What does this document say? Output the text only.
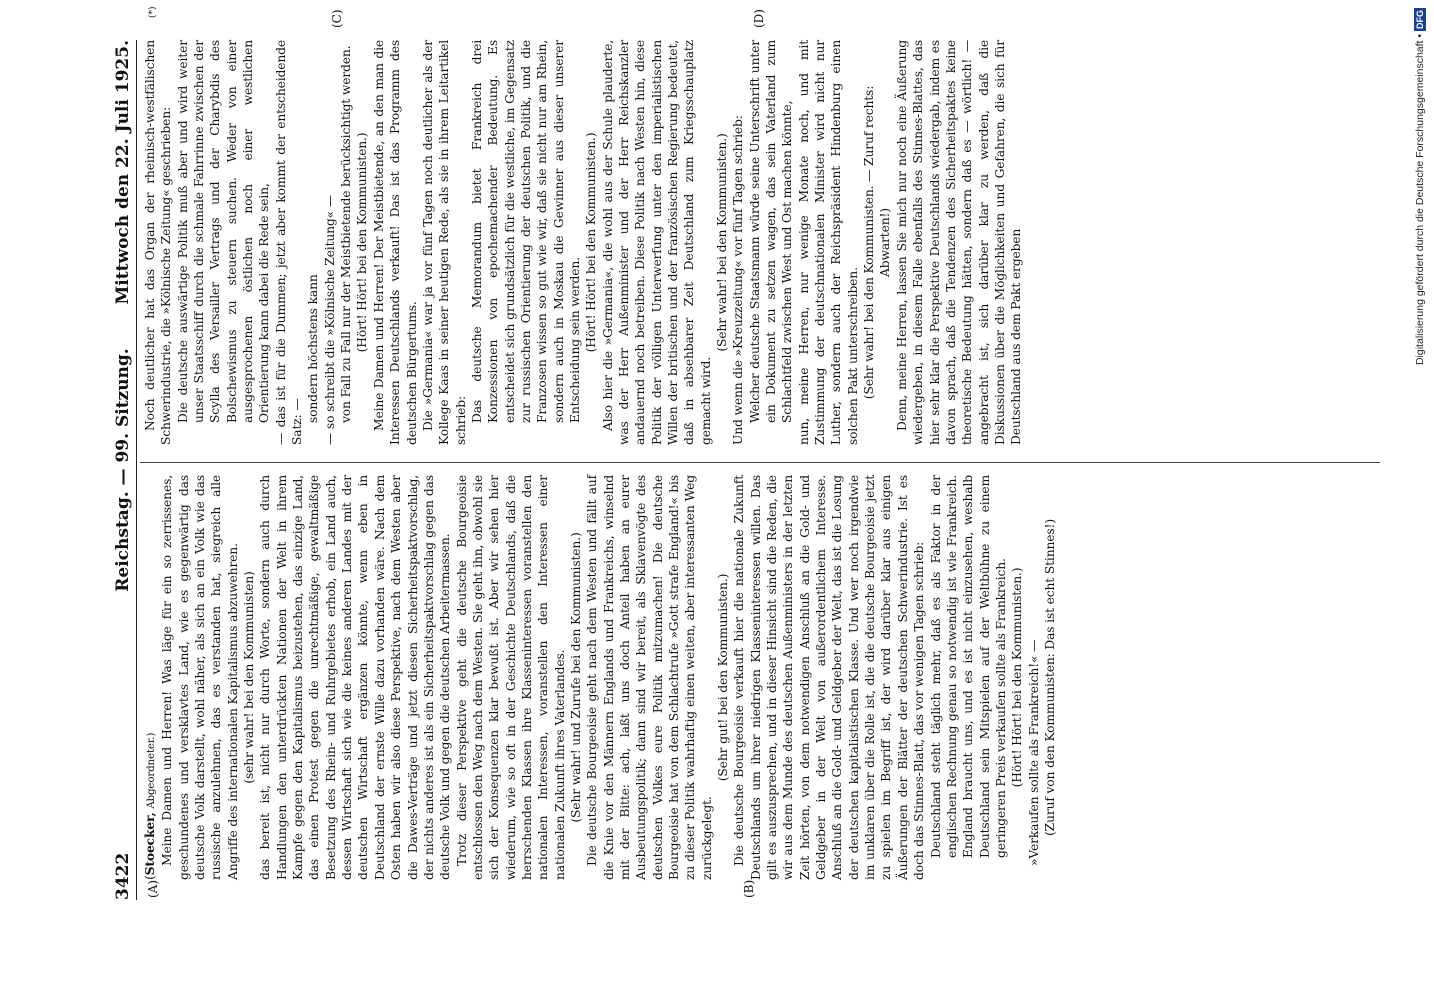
3422
Reichstag. — 99. Sitzung.
Mittwoch den 22. Juli 1925.
(A)	(B)
(C)	(D)
(*)

(Stoecker, Abgeordneter.) Meine Damen und Herren! Was läge für ein so zerrissenes, geschundenes und versklavtes Land, wie es gegenwärtig das deutsche Volk darstellt, wohl näher, als sich an ein Volk wie das russische anzulehnen, das es verstanden hat, siegreich alle Angriffe des internationalen Kapitalismus abzuwehren. (sehr wahr! bei den Kommunisten) das bereit ist, nicht nur durch Worte, sondern auch durch Handlungen den unterdrückten Nationen der Welt in ihrem Kampfe gegen den Kapitalismus beizustehen, das einzige Land, das einen Protest gegen die unrechtmäßige, gewaltmäßige Besetzung des Rhein- und Ruhrgebietes erhob, ein Land auch, dessen Wirtschaft sich wie die keines anderen Landes mit der deutschen Wirtschaft ergänzen könnte, wenn eben in Deutschland der ernste Wille dazu vorhanden wäre. Nach dem Osten haben wir also diese Perspektive, nach dem Westen aber die Dawes-Verträge und jetzt diesen Sicherheitspaktvorschlag, der nichts anderes ist als ein Sicherheitspaktvorschlag gegen das deutsche Volk und gegen die deutschen Arbeitermassen. Trotz dieser Perspektive geht die deutsche Bourgeoisie entschlossen den Weg nach dem Westen. Sie geht ihn, obwohl sie sich der Konsequenzen klar bewußt ist. Aber wir sehen hier wiederum, wie so oft in der Geschichte Deutschlands, daß die herrschenden Klassen ihre Klasseninteressen voranstellen den nationalen Interessen, voranstellen den Interessen einer nationalen Zukunft ihres Vaterlandes. (Sehr wahr! und Zurufe bei den Kommunisten.) Die deutsche Bourgeoisie geht nach dem Westen und fällt auf die Knie vor den Männern Englands und Frankreichs, winselnd mit der Bitte: ach, laßt uns doch Anteil haben an eurer Ausbeutungspolitik; dann sind wir bereit, als Sklavenvögte des deutschen Volkes eure Politik mitzumachen! Die deutsche Bourgeoisie hat von dem Schlachtrufe »Gott strafe England!« bis zu dieser Politik wahrhaftig einen weiten, aber interessanten Weg zurückgelegt.

(Sehr gut! bei den Kommunisten.) Die deutsche Bourgeoisie verkauft hier die nationale Zukunft Deutschlands um ihrer niedrigen Klasseninteressen willen. Das gilt es auszusprechen, und in dieser Hinsicht sind die Reden, die wir aus dem Munde des deutschen Außenministers in der letzten Zeit hörten, von dem notwendigen Anschluß an die Gold- und Geldgeber in der Welt von außerordentlichem Interesse. Anschluß an die Gold- und Geldgeber der Welt, das ist die Losung der deutschen kapitalistischen Klasse. Und wer noch irgendwie im unklaren über die Rolle ist, die die deutsche Bourgeoisie jetzt zu spielen im Begriff ist, der wird darüber klar aus einigen Äußerungen der Blätter der deutschen Schwerindustrie. Ist es doch das Stinnes-Blatt, das vor wenigen Tagen schrieb: Deutschland steht täglich mehr, daß es als Faktor in der englischen Rechnung genau so notwendig ist wie Frankreich. England braucht uns, und es ist nicht einzusehen, weshalb Deutschland sein Mitspielen auf der Weltbühne zu einem geringeren Preis verkaufen sollte als Frankreich. (Hört! Hört! bei den Kommunisten.) »Verkaufen sollte als Frankreich!« — (Zuruf von den Kommunisten: Das ist echt Stinnes!)

Noch deutlicher hat das Organ der rheinisch-westfälischen Schwerindustrie, die »Kölnische Zeitung« geschrieben: Die deutsche auswärtige Politik muß aber und wird weiter unser Staatsschiff durch die schmale Fahrrinne zwischen der Scylla des Versailler Vertrags und der Charybdis des Bolschewismus zu steuern suchen. Weder von einer ausgesprochenen östlichen noch einer westlichen Orientierung kann dabei die Rede sein, — das ist für die Dummen; jetzt aber kommt der entscheidende Satz: — sondern höchstens kann — so schreibt die »Kölnische Zeitung« — von Fall zu Fall nur der Meistbietende berücksichtigt werden. (Hört! Hört! bei den Kommunisten.) Meine Damen und Herren! Der Meistbietende, an den man die Interessen Deutschlands verkauft! Das ist das Programm des deutschen Bürgertums. Die »Germania« war ja vor fünf Tagen noch deutlicher als der Kollege Kaas in seiner heutigen Rede, als sie in ihrem Leitartikel schrieb: Das deutsche Memorandum bietet Frankreich drei Konzessionen von epochemachender Bedeutung. Es entscheidet sich grundsätzlich für die westliche, im Gegensatz zur russischen Orientierung der deutschen Politik, und die Franzosen wissen so gut wie wir, daß sie nicht nur am Rhein, sondern auch in Moskau die Gewinner aus dieser unserer Entscheidung sein werden. (Hört! Hört! bei den Kommunisten.) Also hier die »Germania«, die wohl aus der Schule plauderte, was der Herr Außenminister und der Herr Reichskanzler andauernd noch betreiben. Diese Politik nach Westen hin, diese Politik der völligen Unterwerfung unter den imperialistischen Willen der britischen und der französischen Regierung bedeutet, daß in absehbarer Zeit Deutschland zum Kriegsschauplatz gemacht wird.

(Sehr wahr! bei den Kommunisten.) Und wenn die »Kreuzzeitung« vor fünf Tagen schrieb: Welcher deutsche Staatsmann würde seine Unterschrift unter ein Dokument zu setzen wagen, das sein Vaterland zum Schlachtfeld zwischen West und Ost machen könnte, nun, meine Herren, nur wenige Monate noch, und mit Zustimmung der deutschnationalen Minister wird nicht nur Luther, sondern auch der Reichspräsident Hindenburg einen solchen Pakt unterschreiben. (Sehr wahr! bei den Kommunisten. — Zuruf rechts: Abwarten!) Denn, meine Herren, lassen Sie mich nur noch eine Äußerung wiedergeben, in diesem Falle ebenfalls des Stinnes-Blattes, das hier sehr klar die Perspektive Deutschlands wiedergab, indem es davon sprach, daß die Tendenzen des Sicherheitspaktes keine theoretische Bedeutung hätten, sondern daß es — wörtlich! — angebracht ist, sich darüber klar zu werden, daß die Diskussionen über die Möglichkeiten und Gefahren, die sich für Deutschland aus dem Pakt ergeben	Digitalisierung gefördert durch die Deutsche Forschungsgemeinschaft • DFG
